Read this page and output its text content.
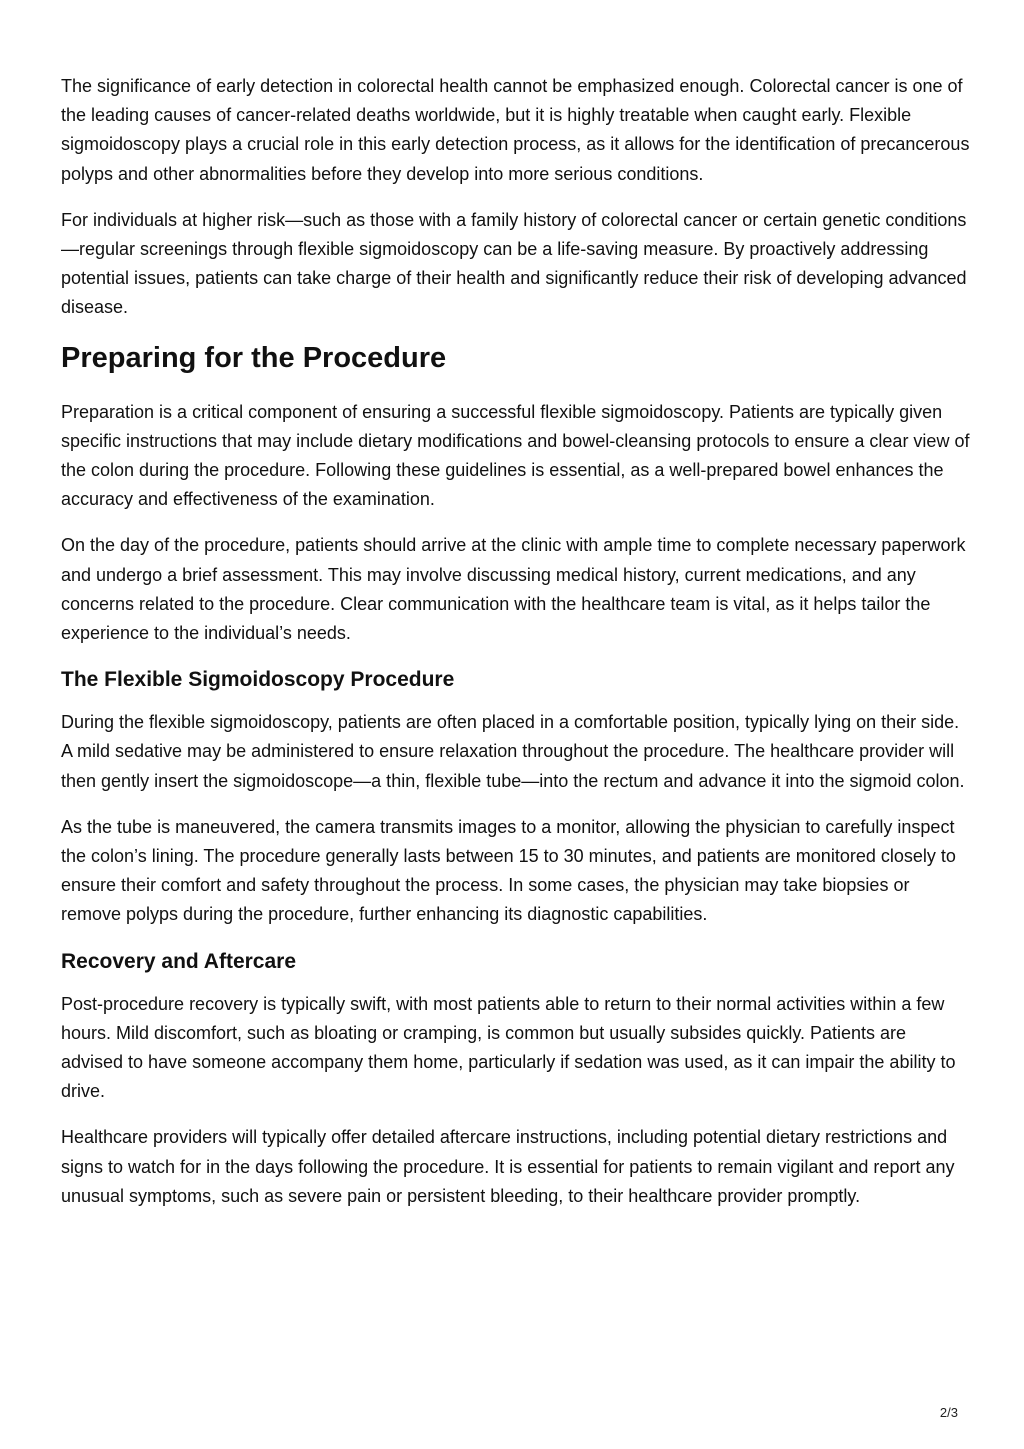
The significance of early detection in colorectal health cannot be emphasized enough. Colorectal cancer is one of the leading causes of cancer-related deaths worldwide, but it is highly treatable when caught early. Flexible sigmoidoscopy plays a crucial role in this early detection process, as it allows for the identification of precancerous polyps and other abnormalities before they develop into more serious conditions.

For individuals at higher risk—such as those with a family history of colorectal cancer or certain genetic conditions—regular screenings through flexible sigmoidoscopy can be a life-saving measure. By proactively addressing potential issues, patients can take charge of their health and significantly reduce their risk of developing advanced disease.

Preparing for the Procedure

Preparation is a critical component of ensuring a successful flexible sigmoidoscopy. Patients are typically given specific instructions that may include dietary modifications and bowel-cleansing protocols to ensure a clear view of the colon during the procedure. Following these guidelines is essential, as a well-prepared bowel enhances the accuracy and effectiveness of the examination.

On the day of the procedure, patients should arrive at the clinic with ample time to complete necessary paperwork and undergo a brief assessment. This may involve discussing medical history, current medications, and any concerns related to the procedure. Clear communication with the healthcare team is vital, as it helps tailor the experience to the individual’s needs.

The Flexible Sigmoidoscopy Procedure

During the flexible sigmoidoscopy, patients are often placed in a comfortable position, typically lying on their side. A mild sedative may be administered to ensure relaxation throughout the procedure. The healthcare provider will then gently insert the sigmoidoscope—a thin, flexible tube—into the rectum and advance it into the sigmoid colon.

As the tube is maneuvered, the camera transmits images to a monitor, allowing the physician to carefully inspect the colon’s lining. The procedure generally lasts between 15 to 30 minutes, and patients are monitored closely to ensure their comfort and safety throughout the process. In some cases, the physician may take biopsies or remove polyps during the procedure, further enhancing its diagnostic capabilities.

Recovery and Aftercare

Post-procedure recovery is typically swift, with most patients able to return to their normal activities within a few hours. Mild discomfort, such as bloating or cramping, is common but usually subsides quickly. Patients are advised to have someone accompany them home, particularly if sedation was used, as it can impair the ability to drive.

Healthcare providers will typically offer detailed aftercare instructions, including potential dietary restrictions and signs to watch for in the days following the procedure. It is essential for patients to remain vigilant and report any unusual symptoms, such as severe pain or persistent bleeding, to their healthcare provider promptly.

2/3
